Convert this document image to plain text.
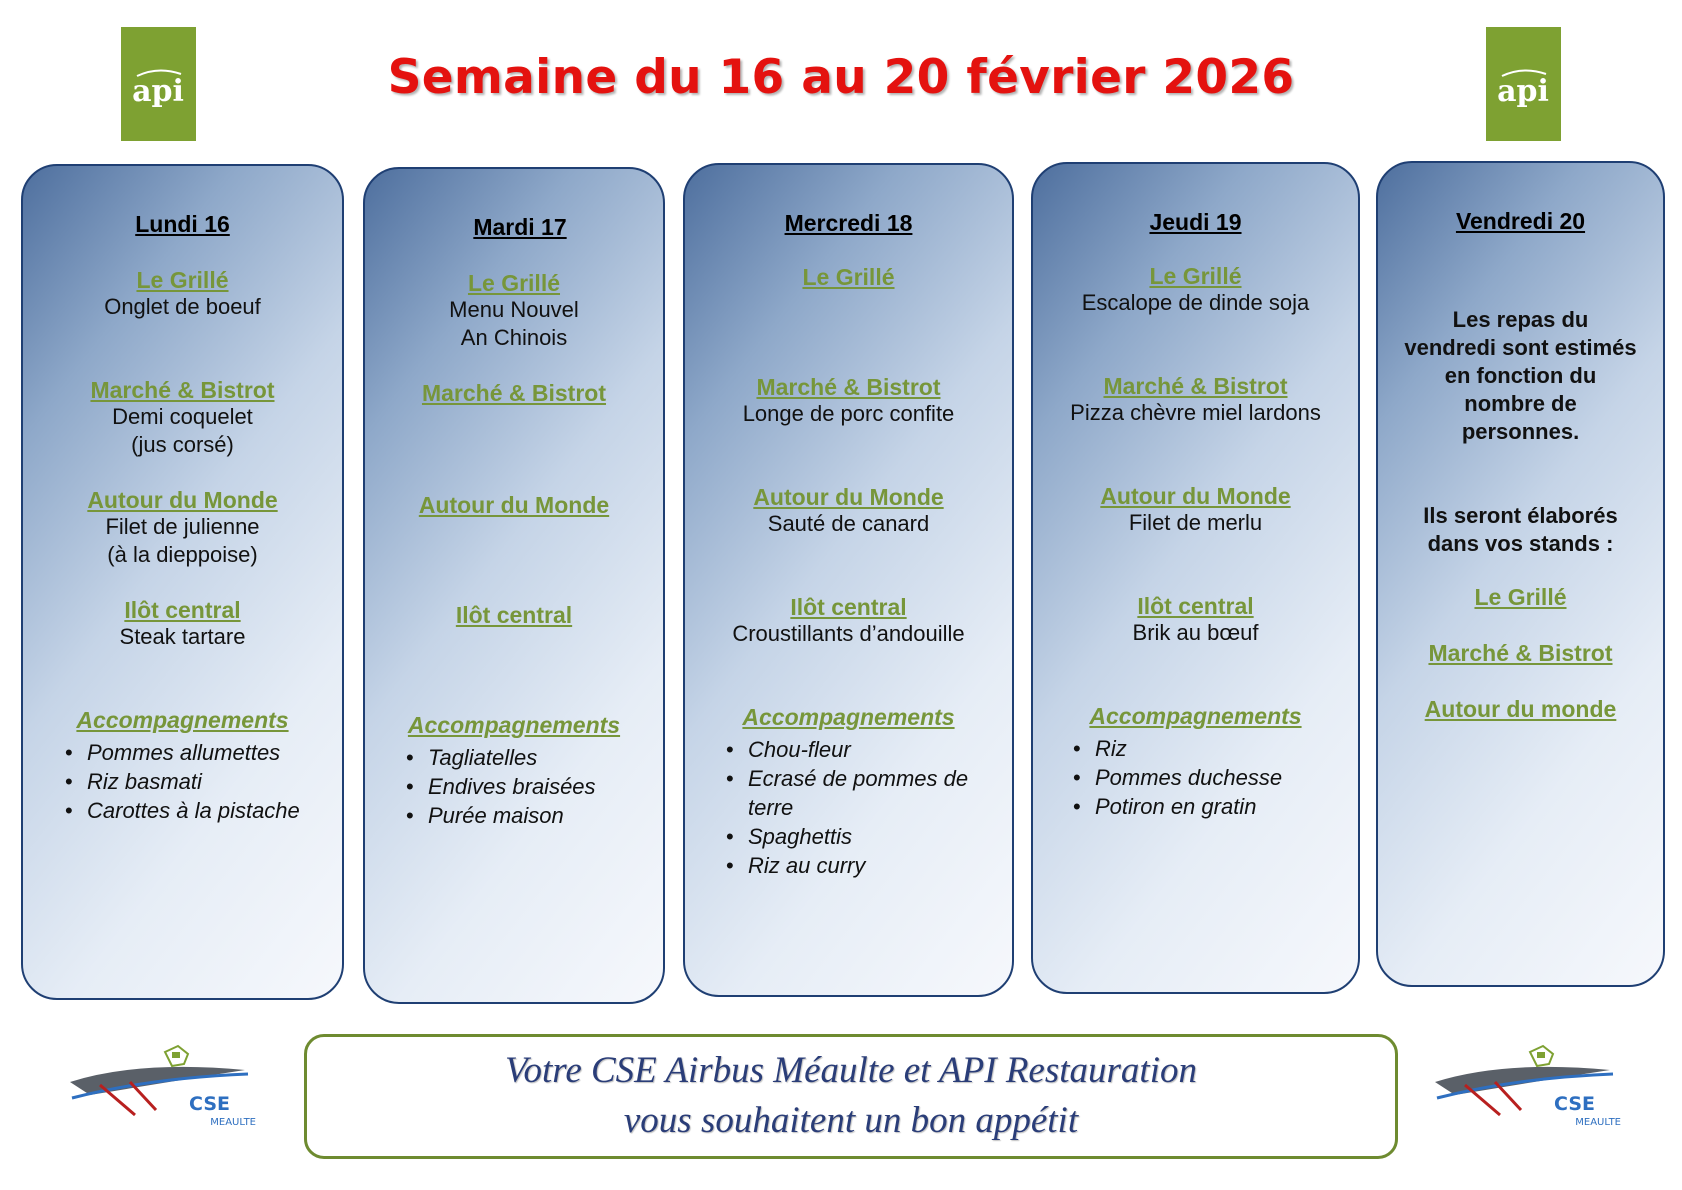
api	api
Semaine du 16 au 20 février 2026
Lundi 16
Le Grillé
Onglet de boeuf
Marché & Bistrot
Demi coquelet
(jus corsé)
Autour du Monde
Filet de julienne
(à la dieppoise)
Ilôt central
Steak tartare
Accompagnements
• Pommes allumettes
• Riz basmati
• Carottes à la pistache
Mardi 17
Le Grillé
Menu Nouvel
An Chinois
Marché & Bistrot
Autour du Monde
Ilôt central
Accompagnements
• Tagliatelles
• Endives braisées
• Purée maison
Mercredi 18
Le Grillé
Marché & Bistrot
Longe de porc confite
Autour du Monde
Sauté de canard
Ilôt central
Croustillants d’andouille
Accompagnements
• Chou-fleur
• Ecrasé de pommes de
terre
• Spaghettis
• Riz au curry
Jeudi 19
Le Grillé
Escalope de dinde soja
Marché & Bistrot
Pizza chèvre miel lardons
Autour du Monde
Filet de merlu
Ilôt central
Brik au bœuf
Accompagnements
• Riz
• Pommes duchesse
• Potiron en gratin
Vendredi 20
Les repas du
vendredi sont estimés
en fonction du
nombre de
personnes.
Ils seront élaborés
dans vos stands :
Le Grillé
Marché & Bistrot
Autour du monde
CSE
MEAULTE
Votre CSE Airbus Méaulte et API Restauration
vous souhaitent un bon appétit	CSE
MEAULTE
